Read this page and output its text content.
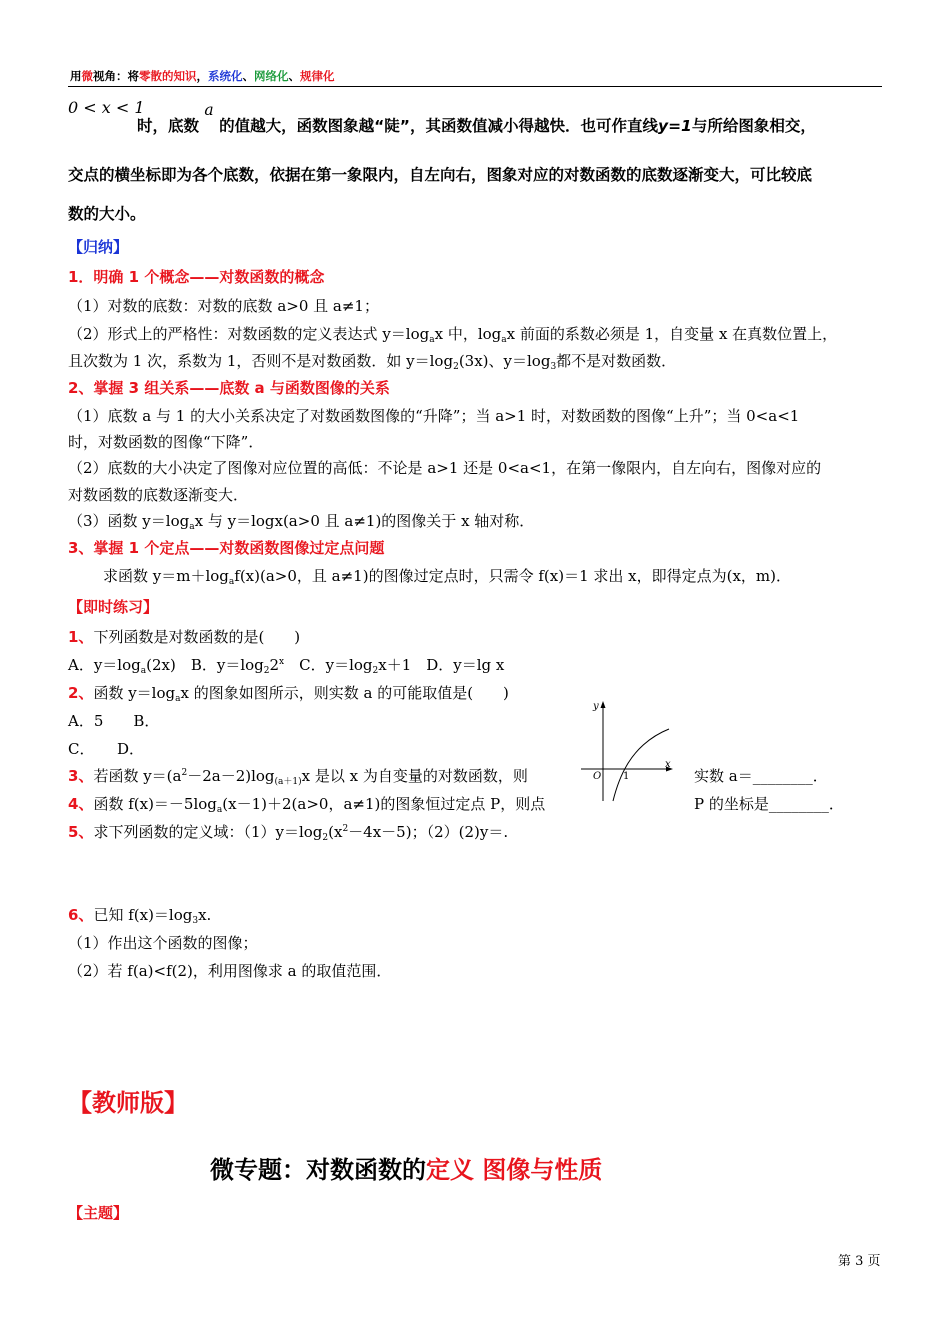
用微视角：将零散的知识，系统化、网络化、规律化
0 < x < 1
时，底数 a 的值越大，函数图象越“陡”，其函数值减小得越快．也可作直线y=1与所给图象相交，
交点的横坐标即为各个底数，依据在第一象限内，自左向右，图象对应的对数函数的底数逐渐变大，可比较底
数的大小。
【归纳】
1．明确 1 个概念——对数函数的概念
（1）对数的底数：对数的底数 a>0 且 a≠1；
（2）形式上的严格性：对数函数的定义表达式 $y=\log_ax$ 中，$\log_ax$ 前面的系数必须是 1，自变量 x 在真数位置上，
且次数为 1 次，系数为 1，否则不是对数函数．如 $y=\log_2(3x)$、$y=\log_3$都不是对数函数．
2、掌握 3 组关系——底数 a 与函数图像的关系
（1）底数 a 与 1 的大小关系决定了对数函数图像的“升降”；当 a>1 时，对数函数的图像“上升”；当 0<a<1
时，对数函数的图像“下降”．
（2）底数的大小决定了图像对应位置的高低：不论是 a>1 还是 0<a<1，在第一像限内，自左向右，图像对应的
对数函数的底数逐渐变大．
（3）函数 $y=\log_ax$ 与 y＝logx(a>0 且 a≠1)的图像关于 x 轴对称．
3、掌握 1 个定点——对数函数图像过定点问题
求函数 $y=m+\log_af(x)(a>0$，且 a≠1)的图像过定点时，只需令 f(x)＝1 求出 x，即得定点为(x，m)．
【即时练习】
1、下列函数是对数函数的是(　　)
A．$y=\log_a(2x)$　B．$y=\log_22^x$　C．$y=\log_2x+1$　D．y＝lg x
2、函数 $y=\log_ax$ 的图象如图所示，则实数 a 的可能取值是(　　)
A．5　　B．
C．　　D．
y
x
O 1
3、若函数 $y=(a^2-2a-2)\log_{(a+1)}x$ 是以 x 为自变量的对数函数，则	实数 a＝________．
4、函数 $f(x)=-5\log_a(x-1)+2(a>0$，a≠1)的图象恒过定点 P，则点	P 的坐标是________．
5、求下列函数的定义域：$(1)y=\log_2(x^2-4x-5)$；（2）(2)y＝.
6、已知 $f(x)=\log_3x$.
（1）作出这个函数的图像；
（2）若 f(a)<f(2)，利用图像求 a 的取值范围．
【教师版】
微专题：对数函数的定义 图像与性质
【主题】
第 3 页
